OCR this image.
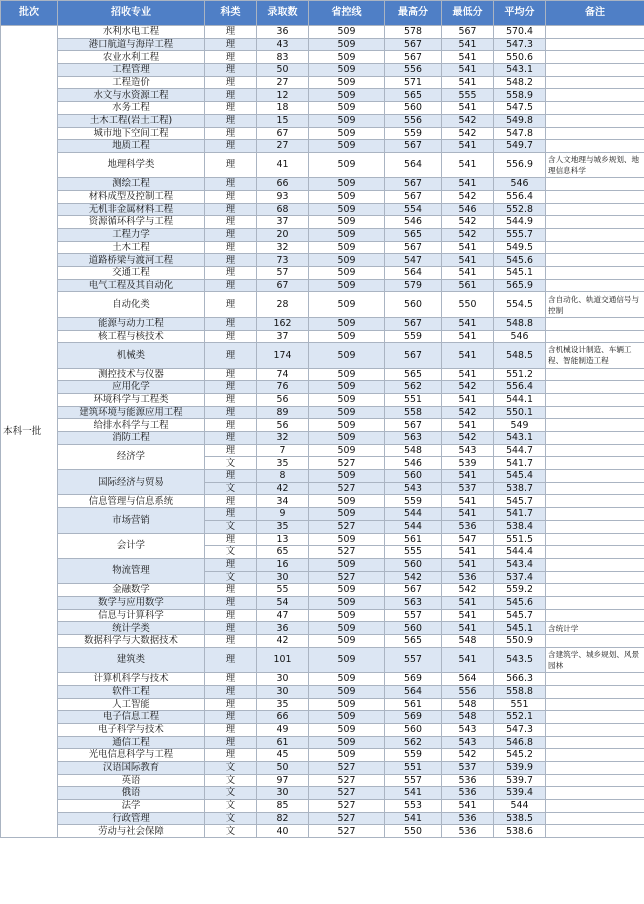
批次	招收专业	科类	录取数	省控线	最高分	最低分	平均分	备注
本科一批	水利水电工程	理	36	509	578	567	570.4	
	港口航道与海岸工程	理	43	509	567	541	547.3	
	农业水利工程	理	83	509	567	541	550.6	
	工程管理	理	50	509	556	541	543.1	
	工程造价	理	27	509	571	541	548.2	
	水文与水资源工程	理	12	509	565	555	558.9	
	水务工程	理	18	509	560	541	547.5	
	土木工程(岩土工程)	理	15	509	556	542	549.8	
	城市地下空间工程	理	67	509	559	542	547.8	
	地质工程	理	27	509	567	541	549.7	
	地理科学类	理	41	509	564	541	556.9	含人文地理与城乡规划、地理信息科学
	测绘工程	理	66	509	567	541	546	
	材料成型及控制工程	理	93	509	567	542	556.4	
	无机非金属材料工程	理	68	509	554	546	552.8	
	资源循环科学与工程	理	37	509	546	542	544.9	
	工程力学	理	20	509	565	542	555.7	
	土木工程	理	32	509	567	541	549.5	
	道路桥梁与渡河工程	理	73	509	547	541	545.6	
	交通工程	理	57	509	564	541	545.1	
	电气工程及其自动化	理	67	509	579	561	565.9	
	自动化类	理	28	509	560	550	554.5	含自动化、轨道交通信号与控制
	能源与动力工程	理	162	509	567	541	548.8	
	核工程与核技术	理	37	509	559	541	546	
	机械类	理	174	509	567	541	548.5	含机械设计制造、车辆工程、智能制造工程
	测控技术与仪器	理	74	509	565	541	551.2	
	应用化学	理	76	509	562	542	556.4	
	环境科学与工程类	理	56	509	551	541	544.1	
	建筑环境与能源应用工程	理	89	509	558	542	550.1	
	给排水科学与工程	理	56	509	567	541	549	
	消防工程	理	32	509	563	542	543.1	
	经济学	理	7	509	548	543	544.7	
		文	35	527	546	539	541.7	
	国际经济与贸易	理	8	509	560	541	545.4	
		文	42	527	543	537	538.7	
	信息管理与信息系统	理	34	509	559	541	545.7	
	市场营销	理	9	509	544	541	541.7	
		文	35	527	544	536	538.4	
	会计学	理	13	509	561	547	551.5	
		文	65	527	555	541	544.4	
	物流管理	理	16	509	560	541	543.4	
		文	30	527	542	536	537.4	
	金融数学	理	55	509	567	542	559.2	
	数学与应用数学	理	54	509	563	541	545.6	
	信息与计算科学	理	47	509	557	541	545.7	
	统计学类	理	36	509	560	541	545.1	含统计学
	数据科学与大数据技术	理	42	509	565	548	550.9	
	建筑类	理	101	509	557	541	543.5	含建筑学、城乡规划、风景园林
	计算机科学与技术	理	30	509	569	564	566.3	
	软件工程	理	30	509	564	556	558.8	
	人工智能	理	35	509	561	548	551	
	电子信息工程	理	66	509	569	548	552.1	
	电子科学与技术	理	49	509	560	543	547.3	
	通信工程	理	61	509	562	543	546.8	
	光电信息科学与工程	理	45	509	559	542	545.2	
	汉语国际教育	文	50	527	551	537	539.9	
	英语	文	97	527	557	536	539.7	
	俄语	文	30	527	541	536	539.4	
	法学	文	85	527	553	541	544	
	行政管理	文	82	527	541	536	538.5	
	劳动与社会保障	文	40	527	550	536	538.6	
